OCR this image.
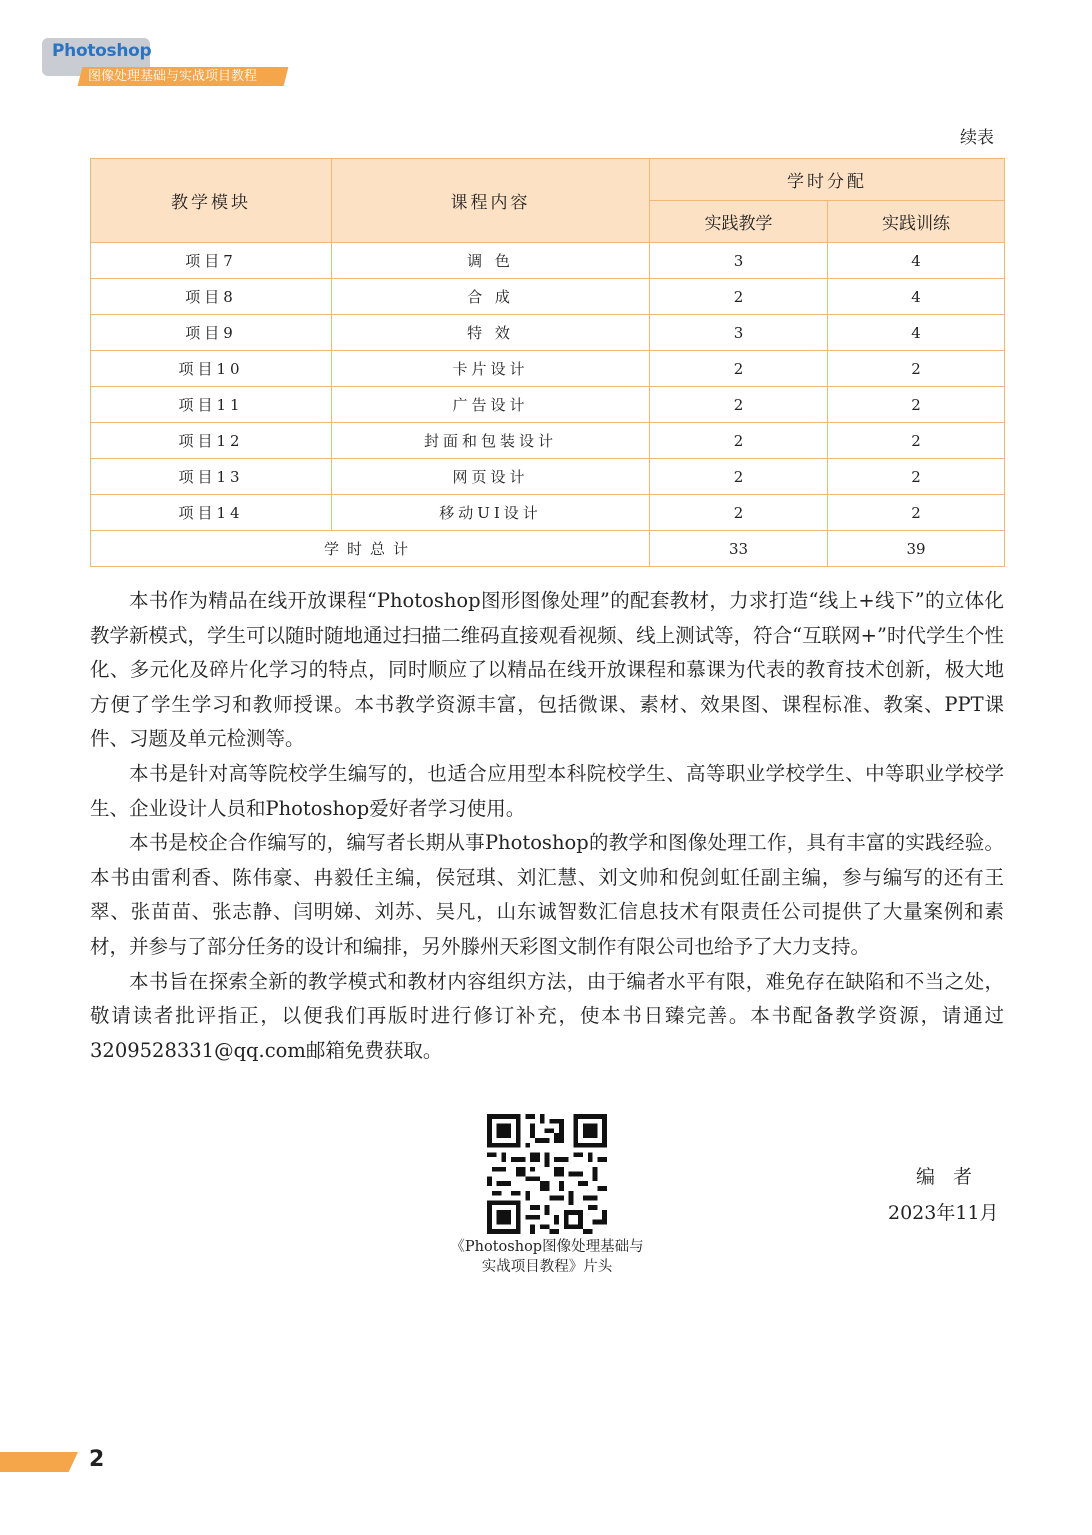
Photoshop
图像处理基础与实战项目教程
续表
教学模块	课程内容	学时分配	
		实践教学	实践训练
项目7	调 色	3	4
项目8	合 成	2	4
项目9	特 效	3	4
项目10	卡片设计	2	2
项目11	广告设计	2	2
项目12	封面和包装设计	2	2
项目13	网页设计	2	2
项目14	移动UI设计	2	2
学时总计		33	39

本书作为精品在线开放课程“Photoshop图形图像处理”的配套教材，力求打造“线上+线下”的立体化教学新模式，学生可以随时随地通过扫描二维码直接观看视频、线上测试等，符合“互联网+”时代学生个性化、多元化及碎片化学习的特点，同时顺应了以精品在线开放课程和慕课为代表的教育技术创新，极大地方便了学生学习和教师授课。本书教学资源丰富，包括微课、素材、效果图、课程标准、教案、PPT课件、习题及单元检测等。

本书是针对高等院校学生编写的，也适合应用型本科院校学生、高等职业学校学生、中等职业学校学生、企业设计人员和Photoshop爱好者学习使用。

本书是校企合作编写的，编写者长期从事Photoshop的教学和图像处理工作，具有丰富的实践经验。本书由雷利香、陈伟豪、冉毅任主编，侯冠琪、刘汇慧、刘文帅和倪剑虹任副主编，参与编写的还有王翠、张苗苗、张志静、闫明娣、刘苏、吴凡，山东诚智数汇信息技术有限责任公司提供了大量案例和素材，并参与了部分任务的设计和编排，另外滕州天彩图文制作有限公司也给予了大力支持。

本书旨在探索全新的教学模式和教材内容组织方法，由于编者水平有限，难免存在缺陷和不当之处，敬请读者批评指正，以便我们再版时进行修订补充，使本书日臻完善。本书配备教学资源，请通过3209528331@qq.com邮箱免费获取。

《Photoshop图像处理基础与
实战项目教程》片头
编 者
2023年11月
2
